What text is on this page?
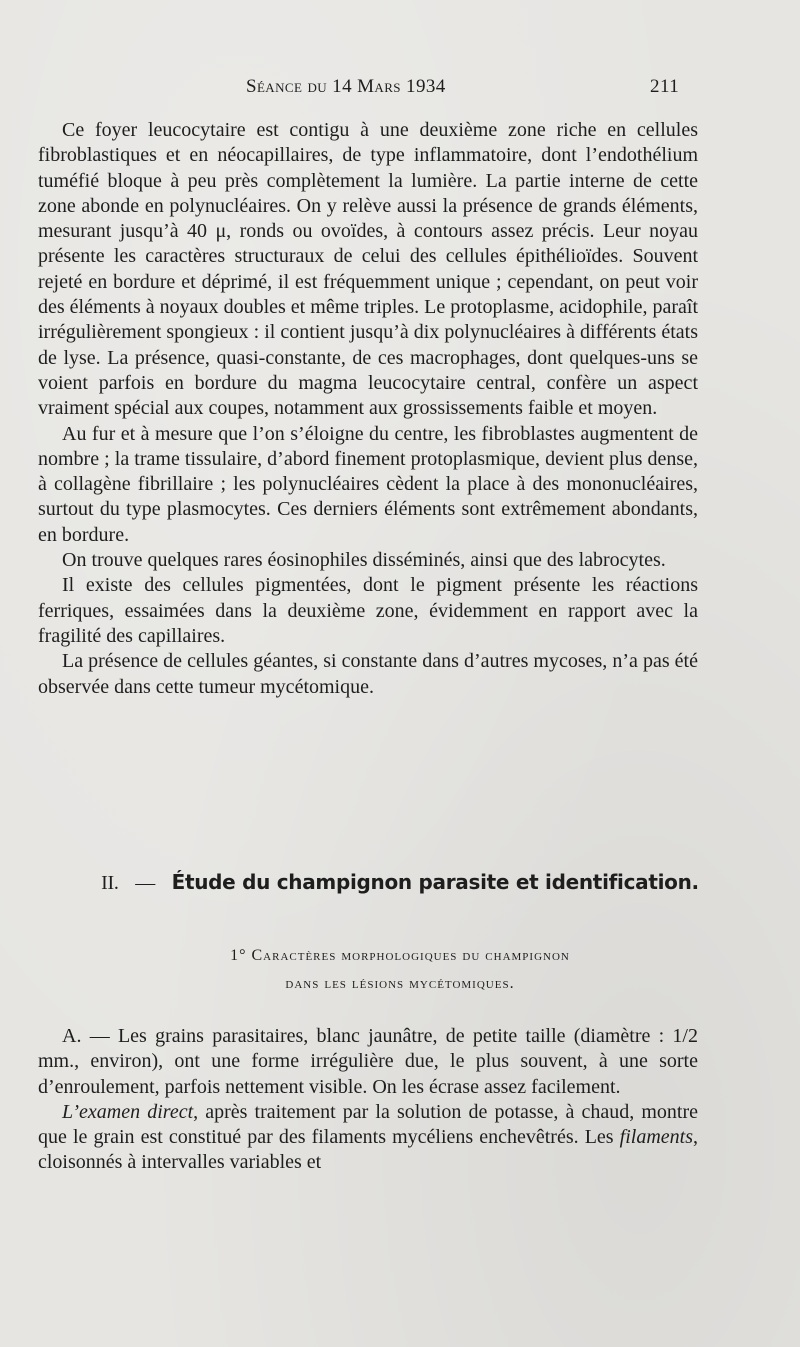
Séance du 14 Mars 1934	211

Ce foyer leucocytaire est contigu à une deuxième zone riche en cellules fibroblastiques et en néocapillaires, de type inflammatoire, dont l’endothélium tuméfié bloque à peu près complètement la lumière. La partie interne de cette zone abonde en polynucléaires. On y relève aussi la présence de grands éléments, mesurant jusqu’à 40 μ, ronds ou ovoïdes, à contours assez précis. Leur noyau présente les caractères structuraux de celui des cellules épithélioïdes. Souvent rejeté en bordure et déprimé, il est fréquemment unique ; cependant, on peut voir des éléments à noyaux doubles et même triples. Le protoplasme, acidophile, paraît irrégulièrement spongieux : il contient jusqu’à dix polynucléaires à différents états de lyse. La présence, quasi-constante, de ces macrophages, dont quelques-uns se voient parfois en bordure du magma leucocytaire central, confère un aspect vraiment spécial aux coupes, notamment aux grossissements faible et moyen.

Au fur et à mesure que l’on s’éloigne du centre, les fibroblastes augmentent de nombre ; la trame tissulaire, d’abord finement protoplasmique, devient plus dense, à collagène fibrillaire ; les polynucléaires cèdent la place à des mononucléaires, surtout du type plasmocytes. Ces derniers éléments sont extrêmement abondants, en bordure.

On trouve quelques rares éosinophiles disséminés, ainsi que des labrocytes.

Il existe des cellules pigmentées, dont le pigment présente les réactions ferriques, essaimées dans la deuxième zone, évidemment en rapport avec la fragilité des capillaires.

La présence de cellules géantes, si constante dans d’autres mycoses, n’a pas été observée dans cette tumeur mycétomique.

II. — Étude du champignon parasite et identification.
1° Caractères morphologiques du champignon
dans les lésions mycétomiques.

A. — Les grains parasitaires, blanc jaunâtre, de petite taille (diamètre : 1/2 mm., environ), ont une forme irrégulière due, le plus souvent, à une sorte d’enroulement, parfois nettement visible. On les écrase assez facilement.

L’examen direct, après traitement par la solution de potasse, à chaud, montre que le grain est constitué par des filaments mycéliens enchevêtrés. Les filaments, cloisonnés à intervalles variables et
